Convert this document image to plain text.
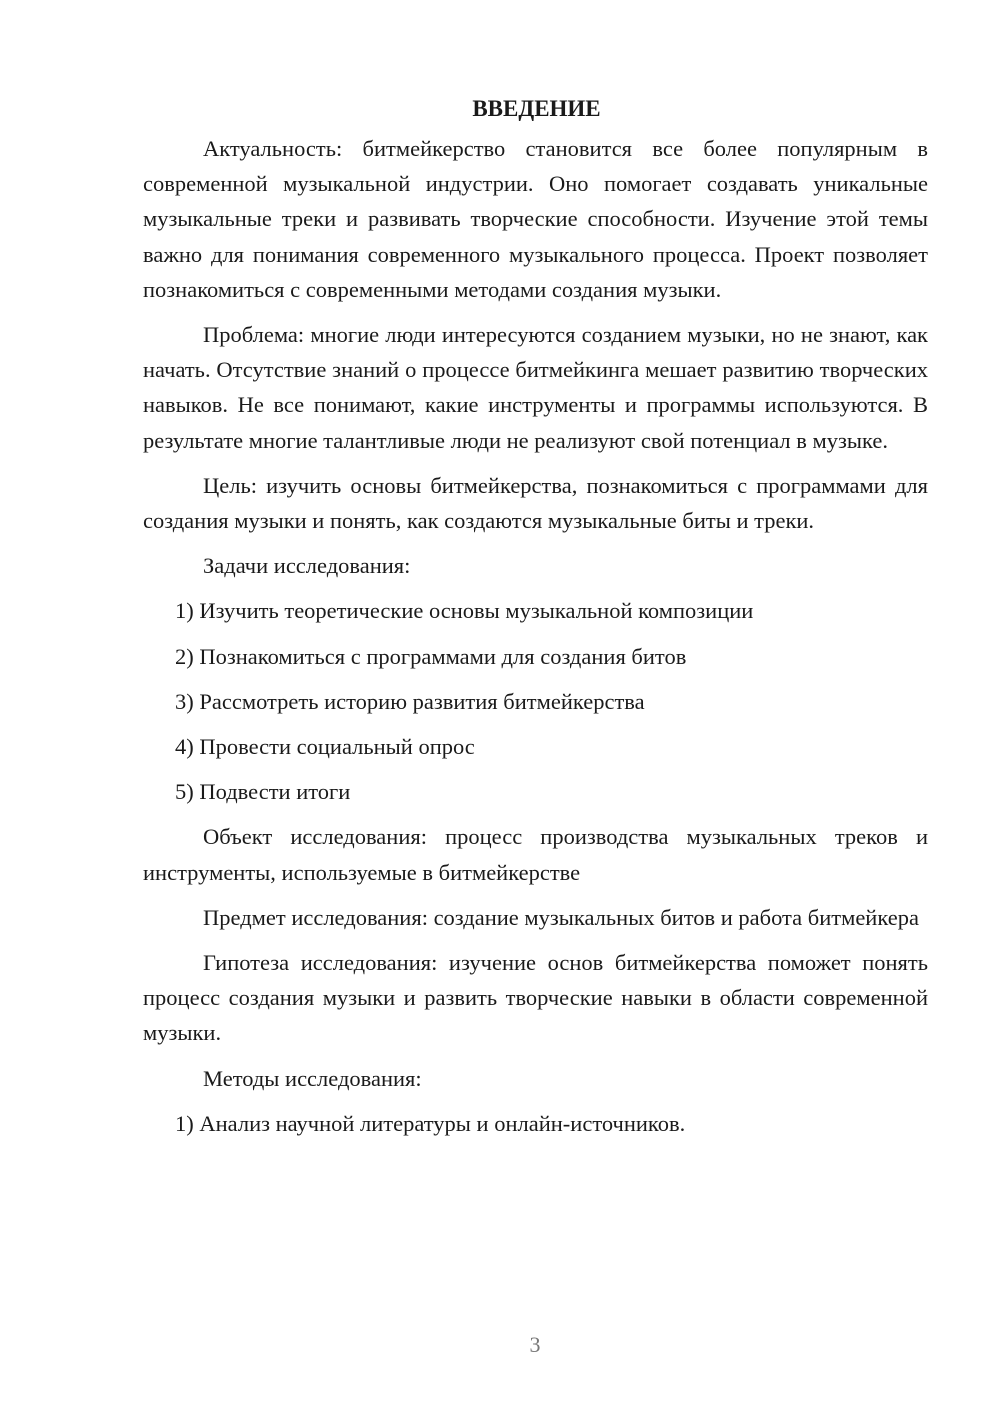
ВВЕДЕНИЕ

Актуальность: битмейкерство становится все более популярным в современной музыкальной индустрии. Оно помогает создавать уникальные музыкальные треки и развивать творческие способности. Изучение этой темы важно для понимания современного музыкального процесса. Проект позволяет познакомиться с современными методами создания музыки.

Проблема: многие люди интересуются созданием музыки, но не знают, как начать. Отсутствие знаний о процессе битмейкинга мешает развитию творческих навыков. Не все понимают, какие инструменты и программы используются. В результате многие талантливые люди не реализуют свой потенциал в музыке.

Цель: изучить основы битмейкерства, познакомиться с программами для создания музыки и понять, как создаются музыкальные биты и треки.

Задачи исследования:

1) Изучить теоретические основы музыкальной композиции
2) Познакомиться с программами для создания битов
3) Рассмотреть историю развития битмейкерства
4) Провести социальный опрос
5) Подвести итоги

Объект исследования: процесс производства музыкальных треков и инструменты, используемые в битмейкерстве

Предмет исследования: создание музыкальных битов и работа битмейкера

Гипотеза исследования: изучение основ битмейкерства поможет понять процесс создания музыки и развить творческие навыки в области современной музыки.

Методы исследования:

1) Анализ научной литературы и онлайн-источников.
3
